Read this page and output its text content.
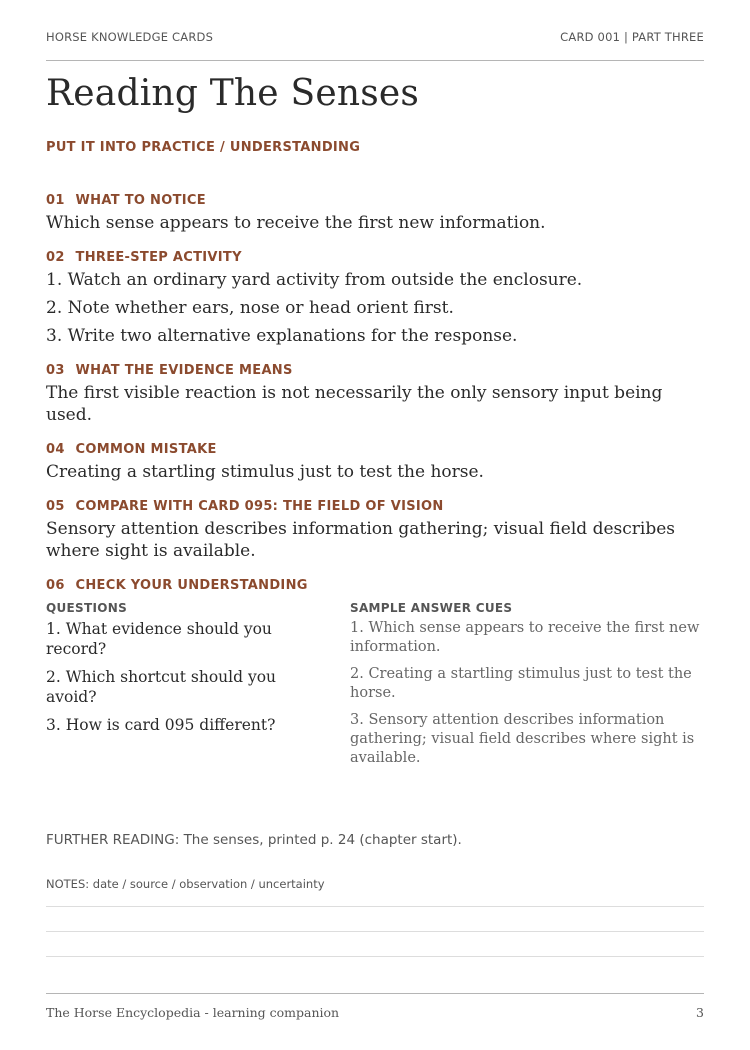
HORSE KNOWLEDGE CARDS	CARD 001 | PART THREE
Reading The Senses
PUT IT INTO PRACTICE / UNDERSTANDING
01 WHAT TO NOTICE
Which sense appears to receive the first new information.
02 THREE-STEP ACTIVITY
1. Watch an ordinary yard activity from outside the enclosure.
2. Note whether ears, nose or head orient first.
3. Write two alternative explanations for the response.
03 WHAT THE EVIDENCE MEANS
The first visible reaction is not necessarily the only sensory input being used.
04 COMMON MISTAKE
Creating a startling stimulus just to test the horse.
05 COMPARE WITH CARD 095: THE FIELD OF VISION
Sensory attention describes information gathering; visual field describes where sight is available.
06 CHECK YOUR UNDERSTANDING
QUESTIONS
1. What evidence should you record?
2. Which shortcut should you avoid?
3. How is card 095 different?
SAMPLE ANSWER CUES
1. Which sense appears to receive the first new information.
2. Creating a startling stimulus just to test the horse.
3. Sensory attention describes information gathering; visual field describes where sight is available.
FURTHER READING: The senses, printed p. 24 (chapter start).
NOTES: date / source / observation / uncertainty
The Horse Encyclopedia - learning companion	3
